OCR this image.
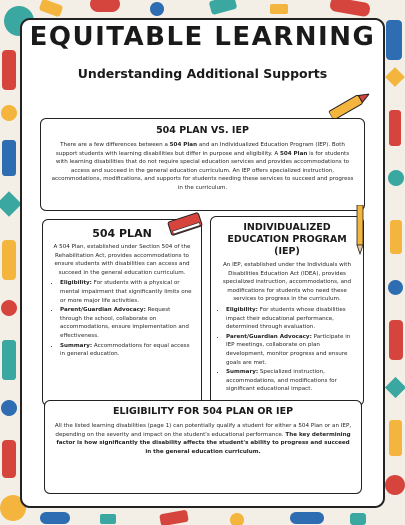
EQUITABLE LEARNING
Understanding Additional Supports
504 PLAN VS. IEP

There are a few differences between a 504 Plan and an Individualized Education Program (IEP). Both support students with learning disabilities but differ in purpose and eligibility. A 504 Plan is for students with learning disabilities that do not require special education services and provides accommodations to access and succeed in the general education curriculum. An IEP offers specialized instruction, accommodations, modifications, and supports for students needing these services to succeed and progress in the curriculum.

504 PLAN

A 504 Plan, established under Section 504 of the Rehabilitation Act, provides accommodations to ensure students with disabilities can access and succeed in the general education curriculum.

• Eligibility: For students with a physical or mental impairment that significantly limits one or more major life activities.
• Parent/Guardian Advocacy: Request through the school, collaborate on accommodations, ensure implementation and effectiveness.
• Summary: Accommodations for equal access in general education.
INDIVIDUALIZED EDUCATION PROGRAM (IEP)

An IEP, established under the Individuals with Disabilities Education Act (IDEA), provides specialized instruction, accommodations, and modifications for students who need these services to progress in the curriculum.

• Eligibility: For students whose disabilities impact their educational performance, determined through evaluation.
• Parent/Guardian Advocacy: Participate in IEP meetings, collaborate on plan development, monitor progress and ensure goals are met.
• Summary: Specialized instruction, accommodations, and modifications for significant educational impact.
ELIGIBILITY FOR 504 PLAN OR IEP

All the listed learning disabilities (page 1) can potentially qualify a student for either a 504 Plan or an IEP, depending on the severity and impact on the student's educational performance. The key determining factor is how significantly the disability affects the student's ability to progress and succeed in the general education curriculum.
